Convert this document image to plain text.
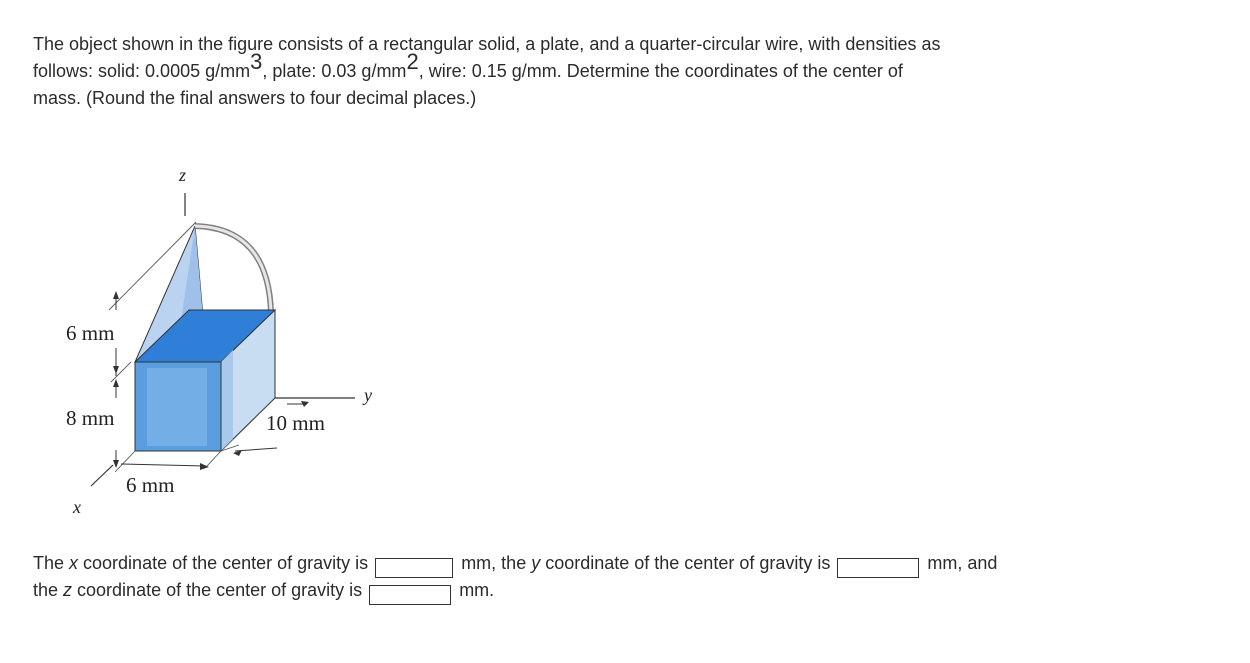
The object shown in the figure consists of a rectangular solid, a plate, and a quarter-circular wire, with densities as
follows: solid: 0.0005 $g/mm^3$, plate: 0.03 $g/mm^2$, wire: 0.15 g/mm. Determine the coordinates of the center of
mass. (Round the final answers to four decimal places.)
z
6 mm
8 mm
y
10 mm
6 mm
x
The x coordinate of the center of gravity is	mm, the y coordinate of the center of gravity is	mm, and
the z coordinate of the center of gravity is	mm.
